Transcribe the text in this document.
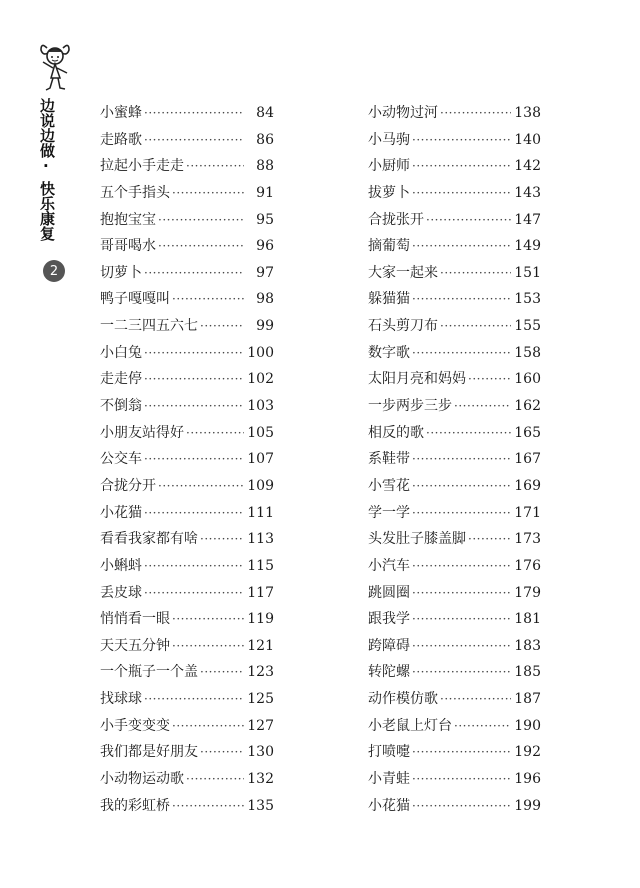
边说边做
·
快乐康复
2
小蜜蜂 ·····	84
走路歌 ·····	86
拉起小手走走 ·····	88
五个手指头 ·····	91
抱抱宝宝 ·····	95
哥哥喝水 ·····	96
切萝卜 ·····	97
鸭子嘎嘎叫 ·····	98
一二三四五六七 ·····	99
小白兔 ·····	100
走走停 ·····	102
不倒翁 ·····	103
小朋友站得好 ·····	105
公交车 ·····	107
合拢分开 ·····	109
小花猫 ·····	111
看看我家都有啥 ·····	113
小蝌蚪 ·····	115
丢皮球 ·····	117
悄悄看一眼 ·····	119
天天五分钟 ·····	121
一个瓶子一个盖 ·····	123
找球球 ·····	125
小手变变变 ·····	127
我们都是好朋友 ·····	130
小动物运动歌 ·····	132
我的彩虹桥 ·····	135
小动物过河 ·····	138
小马驹 ·····	140
小厨师 ·····	142
拔萝卜 ·····	143
合拢张开 ·····	147
摘葡萄 ·····	149
大家一起来 ·····	151
躲猫猫 ·····	153
石头剪刀布 ·····	155
数字歌 ·····	158
太阳月亮和妈妈 ·····	160
一步两步三步 ·····	162
相反的歌 ·····	165
系鞋带 ·····	167
小雪花 ·····	169
学一学 ·····	171
头发肚子膝盖脚 ·····	173
小汽车 ·····	176
跳圆圈 ·····	179
跟我学 ·····	181
跨障碍 ·····	183
转陀螺 ·····	185
动作模仿歌 ·····	187
小老鼠上灯台 ·····	190
打喷嚏 ·····	192
小青蛙 ·····	196
小花猫 ·····	199
